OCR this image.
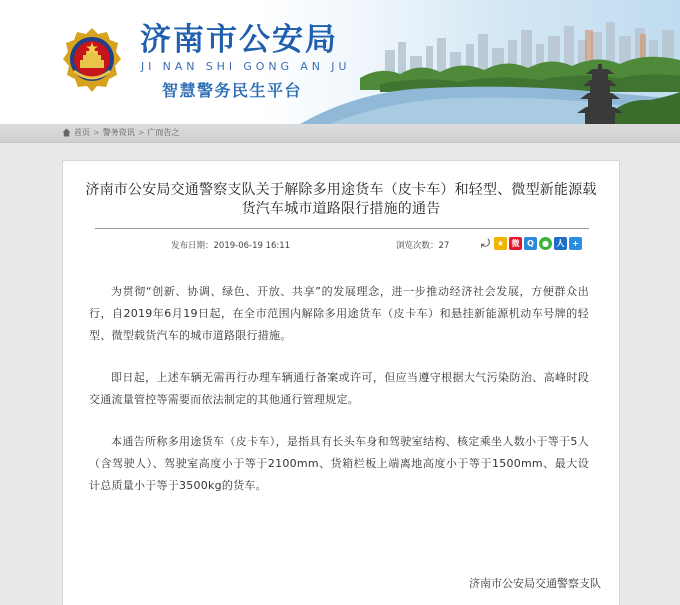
济南市公安局
JI NAN SHI GONG AN JU
智慧警务民生平台
首页 > 警务资讯 > 广而告之
济南市公安局交通警察支队关于解除多用途货车（皮卡车）和轻型、微型新能源载货汽车城市道路限行措施的通告
发布日期：2019-06-19 16:11	浏览次数：27	⤾ ★ 微 Q	● 人 +

为贯彻“创新、协调、绿色、开放、共享”的发展理念，进一步推动经济社会发展，方便群众出行，自2019年6月19日起，在全市范围内解除多用途货车（皮卡车）和悬挂新能源机动车号牌的轻型、微型载货汽车的城市道路限行措施。

即日起，上述车辆无需再行办理车辆通行备案或许可，但应当遵守根据大气污染防治、高峰时段交通流量管控等需要而依法制定的其他通行管理规定。

本通告所称多用途货车（皮卡车），是指具有长头车身和驾驶室结构、核定乘坐人数小于等于5人（含驾驶人）、驾驶室高度小于等于2100mm、货箱栏板上端离地高度小于等于1500mm、最大设计总质量小于等于3500kg的货车。

济南市公安局交通警察支队
